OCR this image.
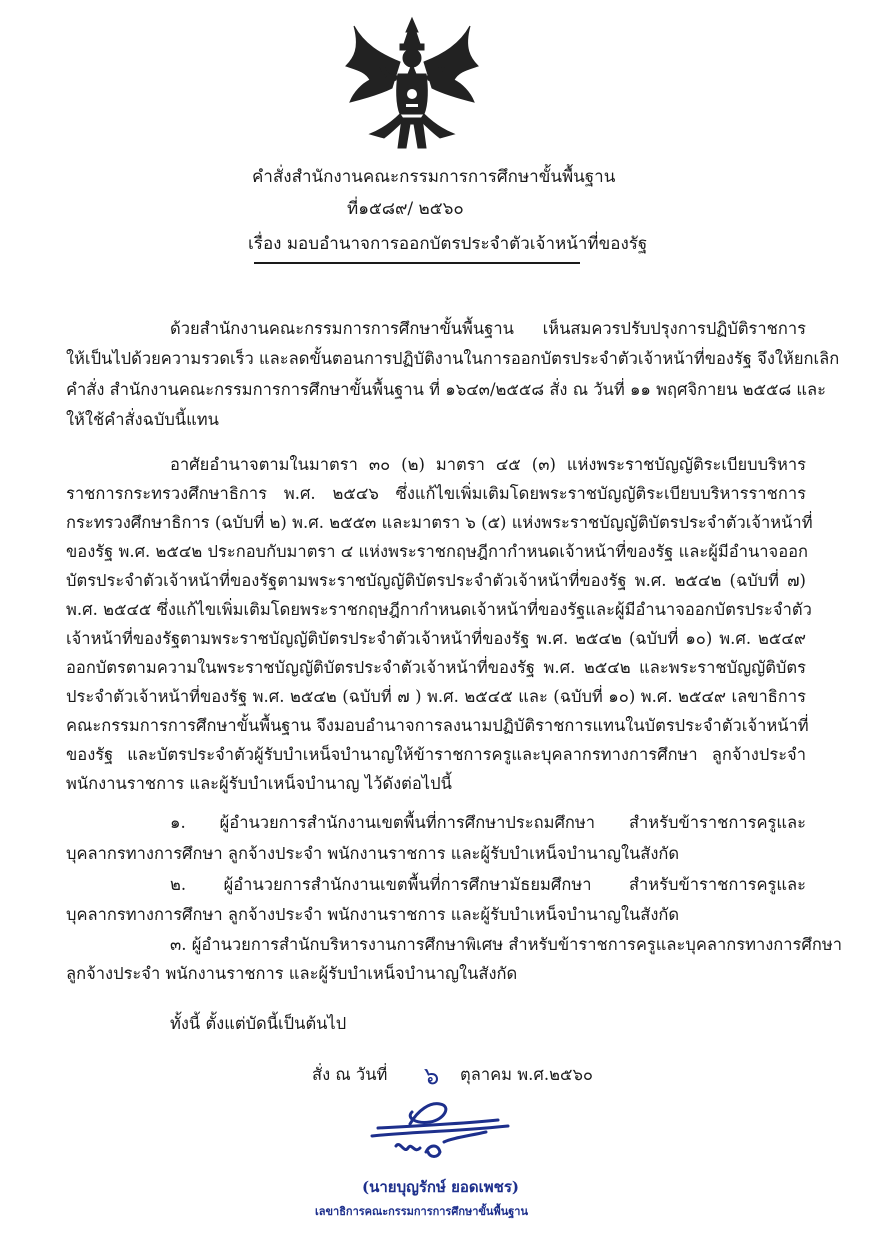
คำสั่งสำนักงานคณะกรรมการการศึกษาขั้นพื้นฐาน
ที่๑๕๘๙/ ๒๕๖๐
เรื่อง มอบอำนาจการออกบัตรประจำตัวเจ้าหน้าที่ของรัฐ
ด้วยสำนักงานคณะกรรมการการศึกษาขั้นพื้นฐาน เห็นสมควรปรับปรุงการปฏิบัติราชการ
ให้เป็นไปด้วยความรวดเร็ว และลดขั้นตอนการปฏิบัติงานในการออกบัตรประจำตัวเจ้าหน้าที่ของรัฐ จึงให้ยกเลิก
คำสั่ง สำนักงานคณะกรรมการการศึกษาขั้นพื้นฐาน ที่ ๑๖๔๓/๒๕๕๘ สั่ง ณ วันที่ ๑๑ พฤศจิกายน ๒๕๕๘ และ
ให้ใช้คำสั่งฉบับนี้แทน
อาศัยอำนาจตามในมาตรา ๓๐ (๒) มาตรา ๔๕ (๓) แห่งพระราชบัญญัติระเบียบบริหาร
ราชการกระทรวงศึกษาธิการ พ.ศ. ๒๕๔๖ ซึ่งแก้ไขเพิ่มเติมโดยพระราชบัญญัติระเบียบบริหารราชการ
กระทรวงศึกษาธิการ (ฉบับที่ ๒) พ.ศ. ๒๕๕๓ และมาตรา ๖ (๕) แห่งพระราชบัญญัติบัตรประจำตัวเจ้าหน้าที่
ของรัฐ พ.ศ. ๒๕๔๒ ประกอบกับมาตรา ๔ แห่งพระราชกฤษฎีกากำหนดเจ้าหน้าที่ของรัฐ และผู้มีอำนาจออก
บัตรประจำตัวเจ้าหน้าที่ของรัฐตามพระราชบัญญัติบัตรประจำตัวเจ้าหน้าที่ของรัฐ พ.ศ. ๒๕๔๒ (ฉบับที่ ๗)
พ.ศ. ๒๕๔๕ ซึ่งแก้ไขเพิ่มเติมโดยพระราชกฤษฎีกากำหนดเจ้าหน้าที่ของรัฐและผู้มีอำนาจออกบัตรประจำตัว
เจ้าหน้าที่ของรัฐตามพระราชบัญญัติบัตรประจำตัวเจ้าหน้าที่ของรัฐ พ.ศ. ๒๕๔๒ (ฉบับที่ ๑๐) พ.ศ. ๒๕๔๙
ออกบัตรตามความในพระราชบัญญัติบัตรประจำตัวเจ้าหน้าที่ของรัฐ พ.ศ. ๒๕๔๒ และพระราชบัญญัติบัตร
ประจำตัวเจ้าหน้าที่ของรัฐ พ.ศ. ๒๕๔๒ (ฉบับที่ ๗ ) พ.ศ. ๒๕๔๕ และ (ฉบับที่ ๑๐) พ.ศ. ๒๕๔๙ เลขาธิการ
คณะกรรมการการศึกษาขั้นพื้นฐาน จึงมอบอำนาจการลงนามปฏิบัติราชการแทนในบัตรประจำตัวเจ้าหน้าที่
ของรัฐ และบัตรประจำตัวผู้รับบำเหน็จบำนาญให้ข้าราชการครูและบุคลากรทางการศึกษา ลูกจ้างประจำ
พนักงานราชการ และผู้รับบำเหน็จบำนาญ ไว้ดังต่อไปนี้
๑. ผู้อำนวยการสำนักงานเขตพื้นที่การศึกษาประถมศึกษา สำหรับข้าราชการครูและ
บุคลากรทางการศึกษา ลูกจ้างประจำ พนักงานราชการ และผู้รับบำเหน็จบำนาญในสังกัด
๒. ผู้อำนวยการสำนักงานเขตพื้นที่การศึกษามัธยมศึกษา สำหรับข้าราชการครูและ
บุคลากรทางการศึกษา ลูกจ้างประจำ พนักงานราชการ และผู้รับบำเหน็จบำนาญในสังกัด
๓. ผู้อำนวยการสำนักบริหารงานการศึกษาพิเศษ สำหรับข้าราชการครูและบุคลากรทางการศึกษา
ลูกจ้างประจำ พนักงานราชการ และผู้รับบำเหน็จบำนาญในสังกัด
ทั้งนี้ ตั้งแต่บัดนี้เป็นต้นไป
สั่ง ณ วันที่ ๖ ตุลาคม พ.ศ.๒๕๖๐
(นายบุญรักษ์ ยอดเพชร)
เลขาธิการคณะกรรมการการศึกษาขั้นพื้นฐาน
